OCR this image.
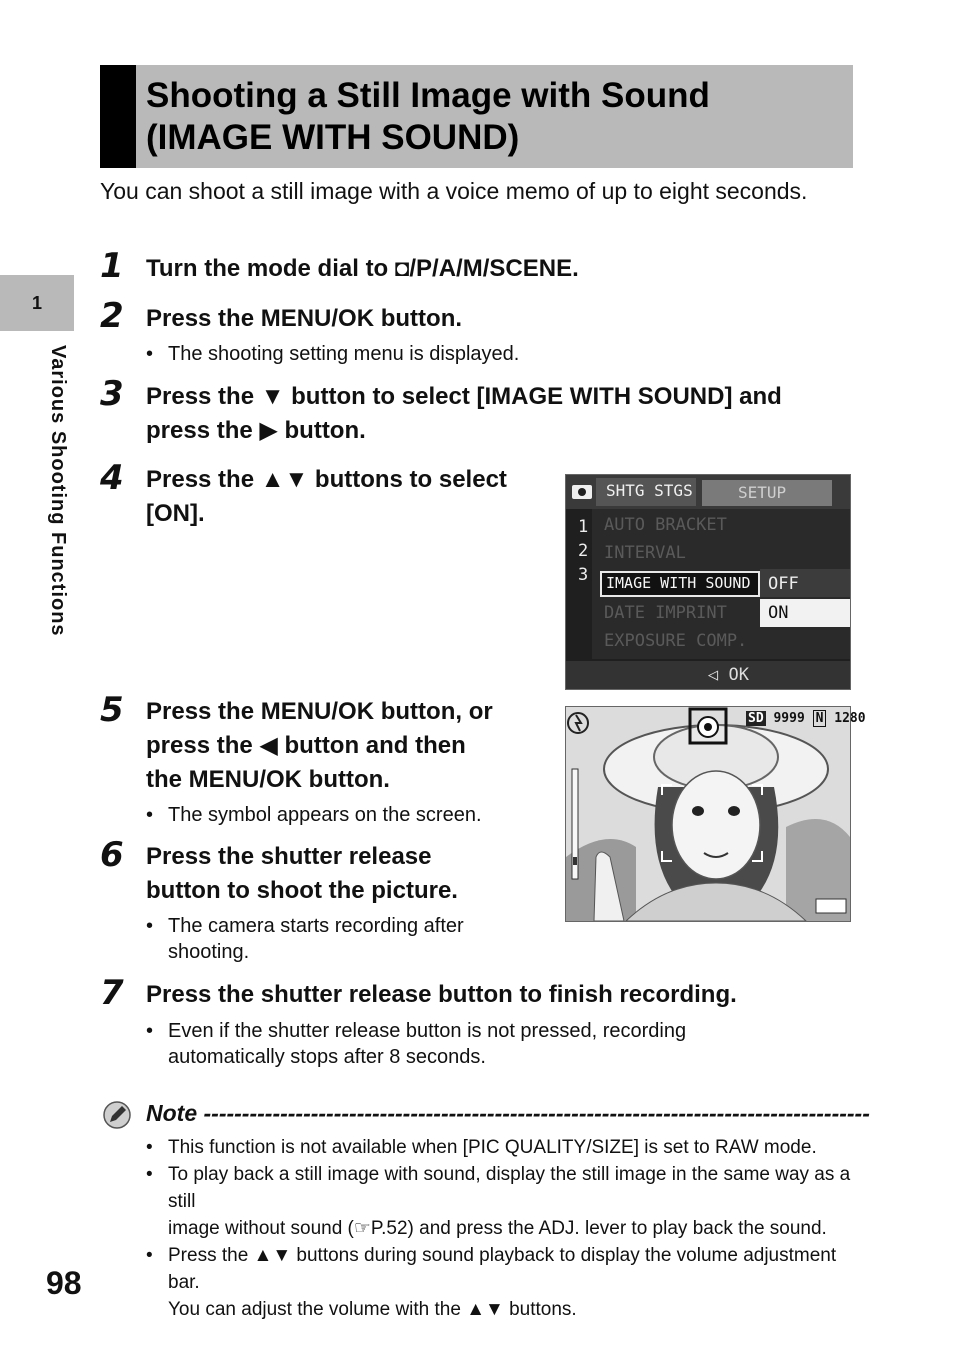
Shooting a Still Image with Sound
(IMAGE WITH SOUND)
You can shoot a still image with a voice memo of up to eight seconds.
1
Various Shooting Functions
1 Turn the mode dial to ◘/P/A/M/SCENE.
2 Press the MENU/OK button.
• The shooting setting menu is displayed.
3 Press the ▼ button to select [IMAGE WITH SOUND] and
press the ▶ button.
4 Press the ▲▼ buttons to select
[ON].
SHTG STGS	SETUP
1
2
3
AUTO BRACKET
INTERVAL
IMAGE WITH SOUND
DATE IMPRINT
EXPOSURE COMP.
OFF
ON
◁ OK
5 Press the MENU/OK button, or
press the ◀ button and then
the MENU/OK button.
• The symbol appears on the screen.
SD 9999 N 1280
6 Press the shutter release
button to shoot the picture.
• The camera starts recording after
shooting.
7 Press the shutter release button to finish recording.
• Even if the shutter release button is not pressed, recording
automatically stops after 8 seconds.
Note ---------------------------------------------------------------------------------------
• This function is not available when [PIC QUALITY/SIZE] is set to RAW mode.
• To play back a still image with sound, display the still image in the same way as a still
image without sound (☞P.52) and press the ADJ. lever to play back the sound.
• Press the ▲▼ buttons during sound playback to display the volume adjustment bar.
You can adjust the volume with the ▲▼ buttons.
98
